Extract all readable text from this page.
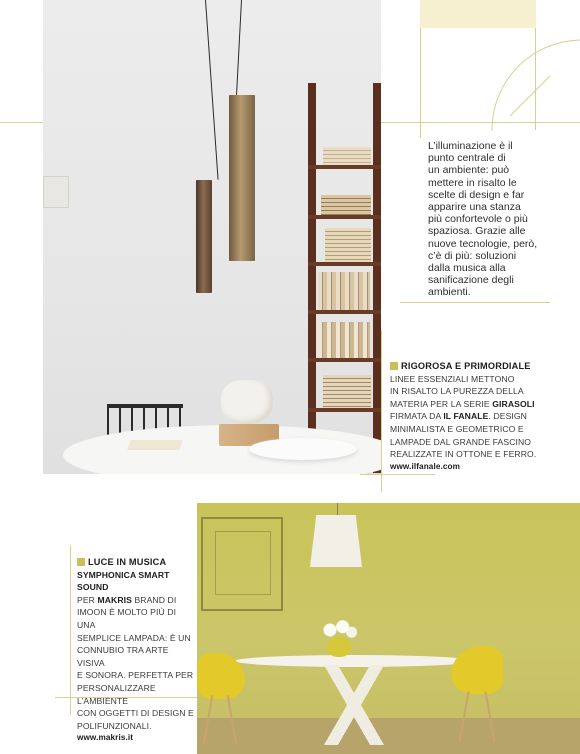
L’illuminazione è il
punto centrale di
un ambiente: può
mettere in risalto le
scelte di design e far
apparire una stanza
più confortevole o più
spaziosa. Grazie alle
nuove tecnologie, però,
c’è di più: soluzioni
dalla musica alla
sanificazione degli
ambienti.
RIGOROSA E PRIMORDIALE
LINEE ESSENZIALI METTONO
IN RISALTO LA PUREZZA DELLA
MATERIA PER LA SERIE GIRASOLI
FIRMATA DA IL FANALE. DESIGN
MINIMALISTA E GEOMETRICO E
LAMPADE DAL GRANDE FASCINO
REALIZZATE IN OTTONE E FERRO.
www.ilfanale.com
LUCE IN MUSICA
SYMPHONICA SMART SOUND
PER MAKRIS BRAND DI
IMOON È MOLTO PIÙ DI UNA
SEMPLICE LAMPADA: È UN
CONNUBIO TRA ARTE VISIVA
E SONORA. PERFETTA PER
PERSONALIZZARE L’AMBIENTE
CON OGGETTI DI DESIGN E
POLIFUNZIONALI.
www.makris.it
